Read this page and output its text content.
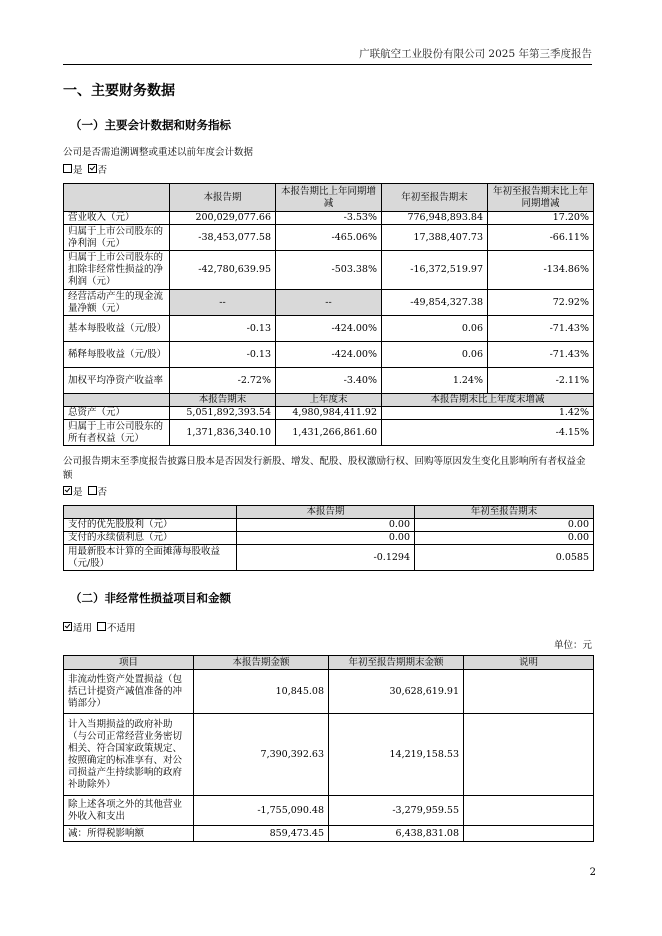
广联航空工业股份有限公司 2025 年第三季度报告
一、主要财务数据
（一）主要会计数据和财务指标
公司是否需追溯调整或重述以前年度会计数据
是 否
	本报告期	本报告期比上年同期增减	年初至报告期末	年初至报告期末比上年同期增减
营业收入（元）	200,029,077.66	-3.53%	776,948,893.84	17.20%
归属于上市公司股东的净利润（元）	-38,453,077.58	-465.06%	17,388,407.73	-66.11%
归属于上市公司股东的扣除非经常性损益的净利润（元）	-42,780,639.95	-503.38%	-16,372,519.97	-134.86%
经营活动产生的现金流量净额（元）	--	--	-49,854,327.38	72.92%
基本每股收益（元/股）	-0.13	-424.00%	0.06	-71.43%
稀释每股收益（元/股）	-0.13	-424.00%	0.06	-71.43%
加权平均净资产收益率	-2.72%	-3.40%	1.24%	-2.11%
	本报告期末	上年度末	本报告期末比上年度末增减	
总资产（元）	5,051,892,393.54	4,980,984,411.92	1.42%	
归属于上市公司股东的所有者权益（元）	1,371,836,340.10	1,431,266,861.60	-4.15%	
公司报告期末至季度报告披露日股本是否因发行新股、增发、配股、股权激励行权、回购等原因发生变化且影响所有者权益金额
是 否
	本报告期	年初至报告期末
支付的优先股股利（元）	0.00	0.00
支付的永续债利息（元）	0.00	0.00
用最新股本计算的全面摊薄每股收益（元/股）	-0.1294	0.0585
（二）非经常性损益项目和金额
适用 不适用
单位：元
项目	本报告期金额	年初至报告期期末金额	说明
非流动性资产处置损益（包括已计提资产减值准备的冲销部分）	10,845.08	30,628,619.91	
计入当期损益的政府补助（与公司正常经营业务密切相关、符合国家政策规定、按照确定的标准享有、对公司损益产生持续影响的政府补助除外）	7,390,392.63	14,219,158.53	
除上述各项之外的其他营业外收入和支出	-1,755,090.48	-3,279,959.55	
减：所得税影响额	859,473.45	6,438,831.08	
2
